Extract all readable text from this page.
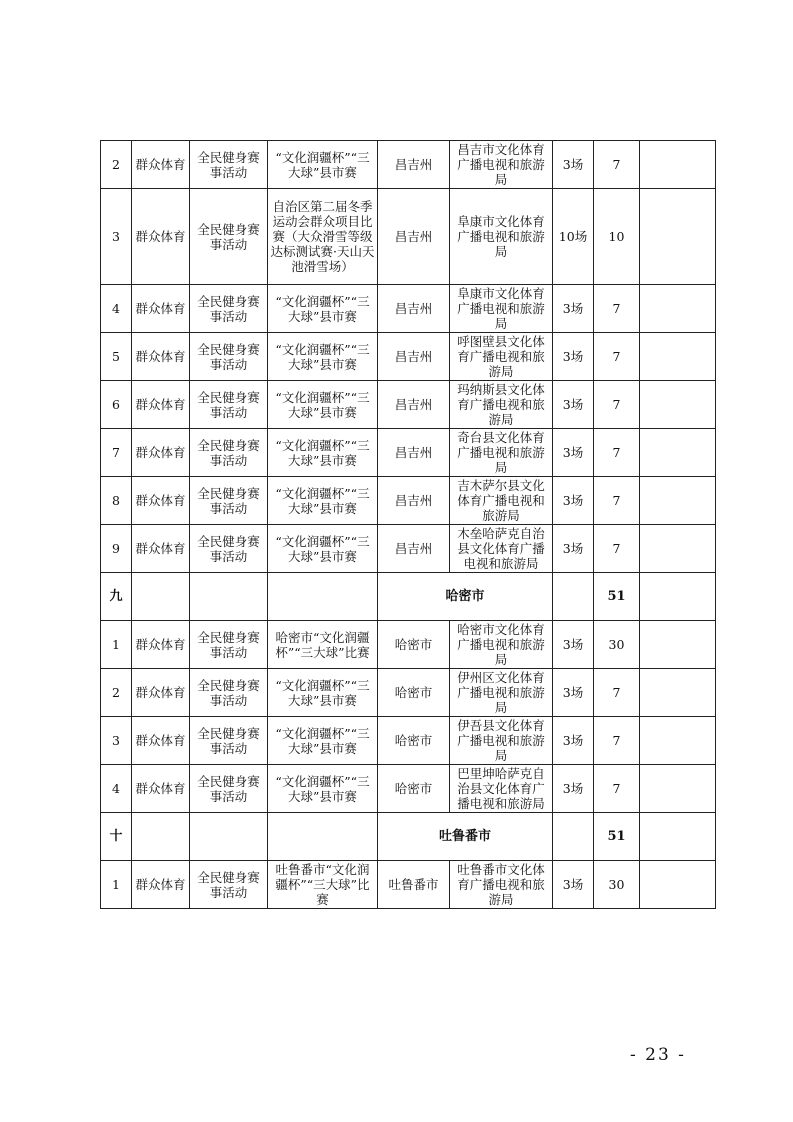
2	群众体育	全民健身赛事活动	“文化润疆杯”“三大球”县市赛	昌吉州	昌吉市文化体育广播电视和旅游局	3场	7	
3	群众体育	全民健身赛事活动	自治区第二届冬季运动会群众项目比赛（大众滑雪等级达标测试赛·天山天池滑雪场）	昌吉州	阜康市文化体育广播电视和旅游局	10场	10	
4	群众体育	全民健身赛事活动	“文化润疆杯”“三大球”县市赛	昌吉州	阜康市文化体育广播电视和旅游局	3场	7	
5	群众体育	全民健身赛事活动	“文化润疆杯”“三大球”县市赛	昌吉州	呼图壁县文化体育广播电视和旅游局	3场	7	
6	群众体育	全民健身赛事活动	“文化润疆杯”“三大球”县市赛	昌吉州	玛纳斯县文化体育广播电视和旅游局	3场	7	
7	群众体育	全民健身赛事活动	“文化润疆杯”“三大球”县市赛	昌吉州	奇台县文化体育广播电视和旅游局	3场	7	
8	群众体育	全民健身赛事活动	“文化润疆杯”“三大球”县市赛	昌吉州	吉木萨尔县文化体育广播电视和旅游局	3场	7	
9	群众体育	全民健身赛事活动	“文化润疆杯”“三大球”县市赛	昌吉州	木垒哈萨克自治县文化体育广播电视和旅游局	3场	7	
九				哈密市			51	
1	群众体育	全民健身赛事活动	哈密市“文化润疆杯”“三大球”比赛	哈密市	哈密市文化体育广播电视和旅游局	3场	30	
2	群众体育	全民健身赛事活动	“文化润疆杯”“三大球”县市赛	哈密市	伊州区文化体育广播电视和旅游局	3场	7	
3	群众体育	全民健身赛事活动	“文化润疆杯”“三大球”县市赛	哈密市	伊吾县文化体育广播电视和旅游局	3场	7	
4	群众体育	全民健身赛事活动	“文化润疆杯”“三大球”县市赛	哈密市	巴里坤哈萨克自治县文化体育广播电视和旅游局	3场	7	
十				吐鲁番市			51	
1	群众体育	全民健身赛事活动	吐鲁番市“文化润疆杯”“三大球”比赛	吐鲁番市	吐鲁番市文化体育广播电视和旅游局	3场	30	
- 23 -
